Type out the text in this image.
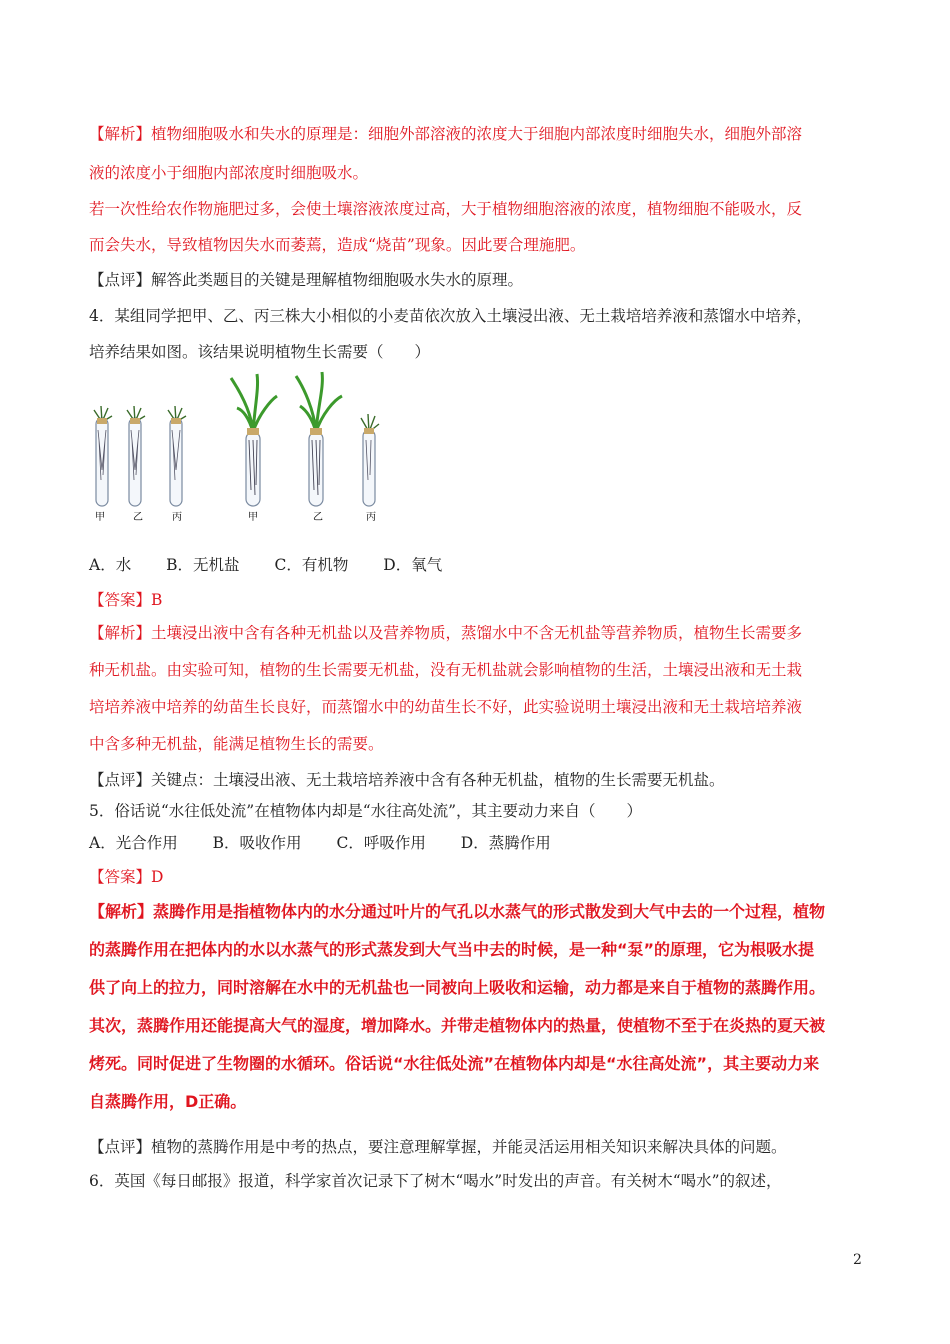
【解析】植物细胞吸水和失水的原理是：细胞外部溶液的浓度大于细胞内部浓度时细胞失水，细胞外部溶
液的浓度小于细胞内部浓度时细胞吸水。
若一次性给农作物施肥过多，会使土壤溶液浓度过高，大于植物细胞溶液的浓度，植物细胞不能吸水，反
而会失水，导致植物因失水而萎蔫，造成“烧苗”现象。因此要合理施肥。
【点评】解答此类题目的关键是理解植物细胞吸水失水的原理。
4．某组同学把甲、乙、丙三株大小相似的小麦苗依次放入土壤浸出液、无土栽培培养液和蒸馏水中培养，
培养结果如图。该结果说明植物生长需要（　　）
甲	乙	丙	甲	乙	丙
A．水 B．无机盐 C．有机物 D．氧气
【答案】B
【解析】土壤浸出液中含有各种无机盐以及营养物质，蒸馏水中不含无机盐等营养物质，植物生长需要多
种无机盐。由实验可知，植物的生长需要无机盐，没有无机盐就会影响植物的生活，土壤浸出液和无土栽
培培养液中培养的幼苗生长良好，而蒸馏水中的幼苗生长不好，此实验说明土壤浸出液和无土栽培培养液
中含多种无机盐，能满足植物生长的需要。
【点评】关键点：土壤浸出液、无土栽培培养液中含有各种无机盐，植物的生长需要无机盐。
5．俗话说“水往低处流”在植物体内却是“水往高处流”，其主要动力来自（　　）
A．光合作用 B．吸收作用 C．呼吸作用 D．蒸腾作用
【答案】D
【解析】蒸腾作用是指植物体内的水分通过叶片的气孔以水蒸气的形式散发到大气中去的一个过程，植物
的蒸腾作用在把体内的水以水蒸气的形式蒸发到大气当中去的时候，是一种“泵”的原理，它为根吸水提
供了向上的拉力，同时溶解在水中的无机盐也一同被向上吸收和运输，动力都是来自于植物的蒸腾作用。
其次，蒸腾作用还能提高大气的湿度，增加降水。并带走植物体内的热量，使植物不至于在炎热的夏天被
烤死。同时促进了生物圈的水循环。俗话说“水往低处流”在植物体内却是“水往高处流”，其主要动力来
自蒸腾作用，D正确。
【点评】植物的蒸腾作用是中考的热点，要注意理解掌握，并能灵活运用相关知识来解决具体的问题。
6．英国《每日邮报》报道，科学家首次记录下了树木“喝水”时发出的声音。有关树木“喝水”的叙述，
2
